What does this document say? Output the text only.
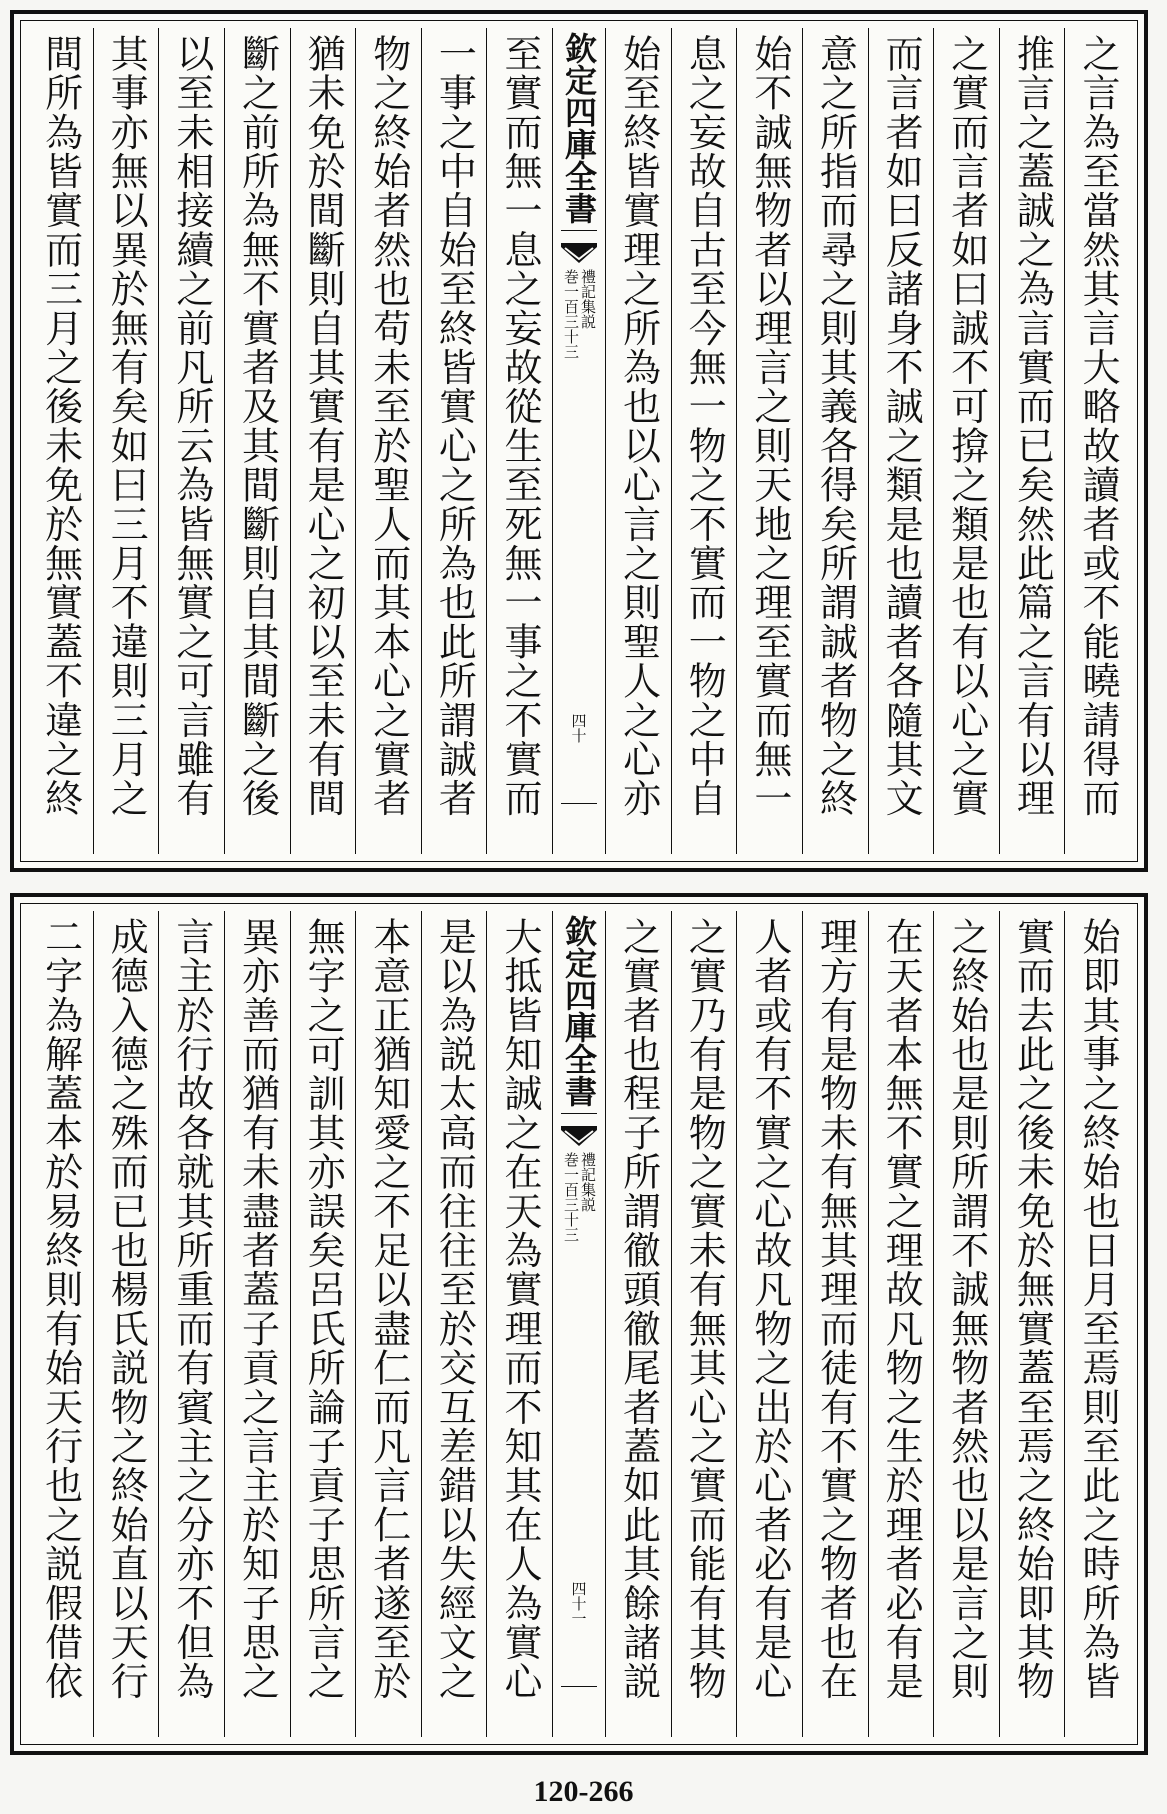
之言為至當然其言大略故讀者或不能曉請得而
推言之蓋誠之為言實而已矣然此篇之言有以理
之實而言者如曰誠不可揜之類是也有以心之實
而言者如曰反諸身不誠之類是也讀者各隨其文
意之所指而尋之則其義各得矣所謂誠者物之終
始不誠無物者以理言之則天地之理至實而無一
息之妄故自古至今無一物之不實而一物之中自
始至終皆實理之所為也以心言之則聖人之心亦
欽定四庫全書
禮記集説
巻一百三十三
四十
至實而無一息之妄故從生至死無一事之不實而
一事之中自始至終皆實心之所為也此所謂誠者
物之終始者然也苟未至於聖人而其本心之實者
猶未免於間斷則自其實有是心之初以至未有間
斷之前所為無不實者及其間斷則自其間斷之後
以至未相接續之前凡所云為皆無實之可言雖有
其事亦無以異於無有矣如曰三月不違則三月之
間所為皆實而三月之後未免於無實蓋不違之終
始即其事之終始也日月至焉則至此之時所為皆
實而去此之後未免於無實蓋至焉之終始即其物
之終始也是則所謂不誠無物者然也以是言之則
在天者本無不實之理故凡物之生於理者必有是
理方有是物未有無其理而徒有不實之物者也在
人者或有不實之心故凡物之出於心者必有是心
之實乃有是物之實未有無其心之實而能有其物
之實者也程子所謂徹頭徹尾者蓋如此其餘諸説
欽定四庫全書
禮記集説
巻一百三十三
四十一
大抵皆知誠之在天為實理而不知其在人為實心
是以為説太高而往往至於交互差錯以失經文之
本意正猶知愛之不足以盡仁而凡言仁者遂至於
無字之可訓其亦誤矣呂氏所論子貢子思所言之
異亦善而猶有未盡者蓋子貢之言主於知子思之
言主於行故各就其所重而有賓主之分亦不但為
成德入德之殊而已也楊氏説物之終始直以天行
二字為解蓋本於易終則有始天行也之説假借依
120-266
